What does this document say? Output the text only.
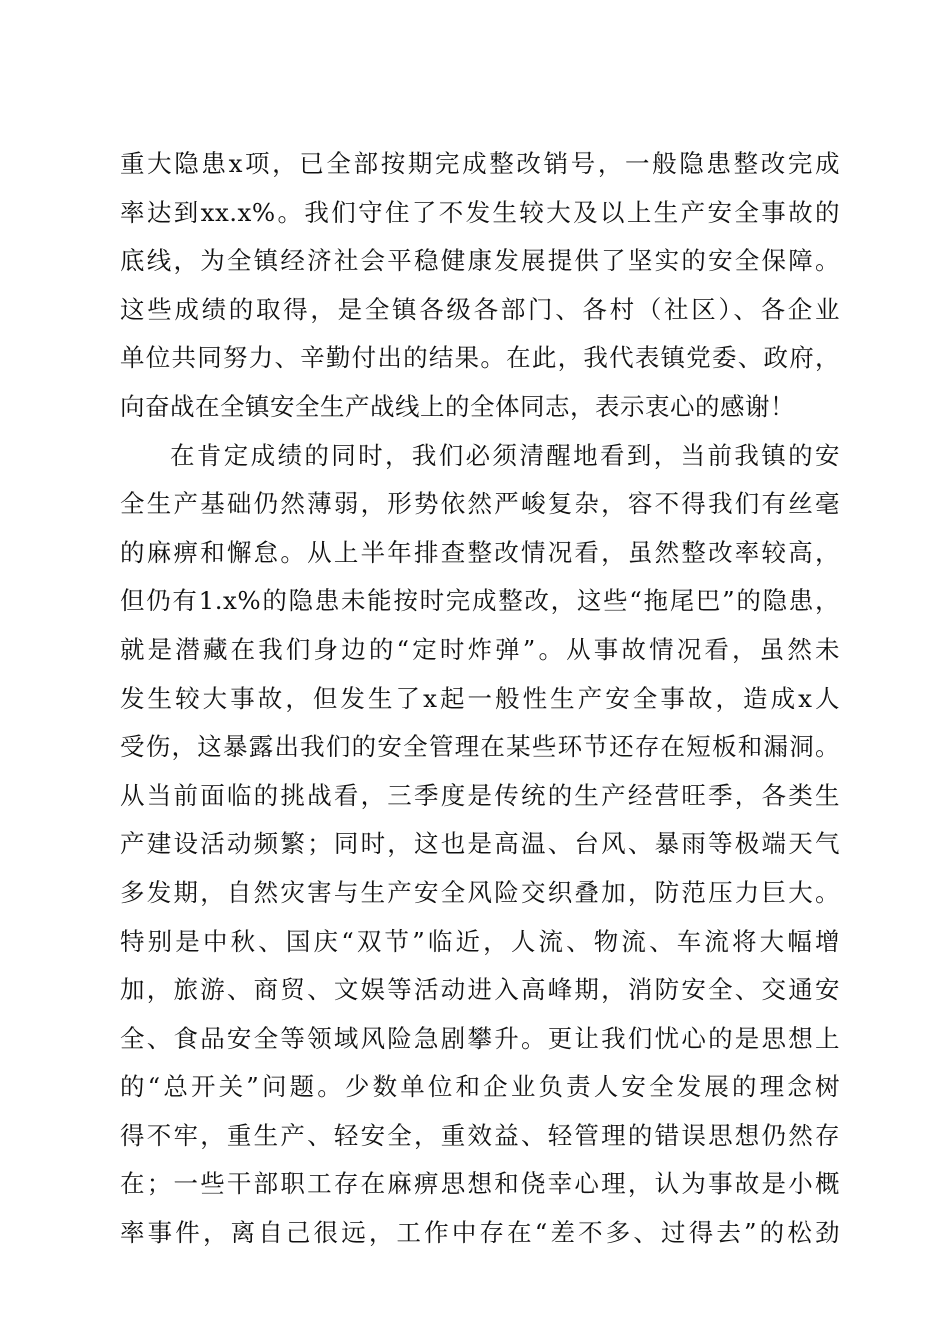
重大隐患x项，已全部按期完成整改销号，一般隐患整改完成
率达到xx.x%。我们守住了不发生较大及以上生产安全事故的
底线，为全镇经济社会平稳健康发展提供了坚实的安全保障。
这些成绩的取得，是全镇各级各部门、各村（社区）、各企业
单位共同努力、辛勤付出的结果。在此，我代表镇党委、政府，
向奋战在全镇安全生产战线上的全体同志，表示衷心的感谢！
在肯定成绩的同时，我们必须清醒地看到，当前我镇的安
全生产基础仍然薄弱，形势依然严峻复杂，容不得我们有丝毫
的麻痹和懈怠。从上半年排查整改情况看，虽然整改率较高，
但仍有1.x%的隐患未能按时完成整改，这些“拖尾巴”的隐患，
就是潜藏在我们身边的“定时炸弹”。从事故情况看，虽然未
发生较大事故，但发生了x起一般性生产安全事故，造成x人
受伤，这暴露出我们的安全管理在某些环节还存在短板和漏洞。
从当前面临的挑战看，三季度是传统的生产经营旺季，各类生
产建设活动频繁；同时，这也是高温、台风、暴雨等极端天气
多发期，自然灾害与生产安全风险交织叠加，防范压力巨大。
特别是中秋、国庆“双节”临近，人流、物流、车流将大幅增
加，旅游、商贸、文娱等活动进入高峰期，消防安全、交通安
全、食品安全等领域风险急剧攀升。更让我们忧心的是思想上
的“总开关”问题。少数单位和企业负责人安全发展的理念树
得不牢，重生产、轻安全，重效益、轻管理的错误思想仍然存
在；一些干部职工存在麻痹思想和侥幸心理，认为事故是小概
率事件，离自己很远，工作中存在“差不多、过得去”的松劲
